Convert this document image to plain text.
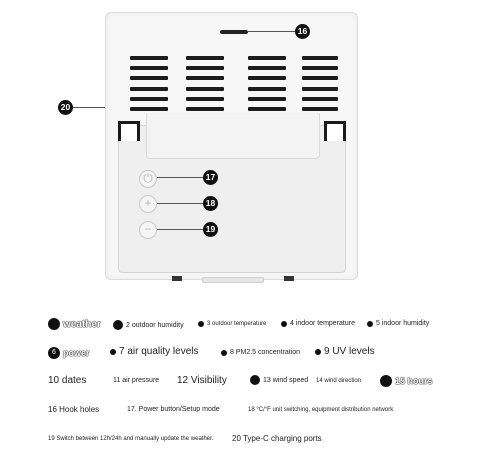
⏻
+
−
16
17
18
19
20
weather	2 outdoor humidity	3 outdoor temperature	4 indoor temperature	5 indoor humidity
6 power	7 air quality levels	8 PM2.5 concentration 9 UV levels
10 dates	11 air pressure 12 Visibility	13 wind speed 14 wind direction	15 hours
16 Hook holes	17. Power button/Setup mode	18 °C/°F unit switching, equipment distribution network
19 Switch between 12h/24h and manually update the weather. 20 Type-C charging ports
